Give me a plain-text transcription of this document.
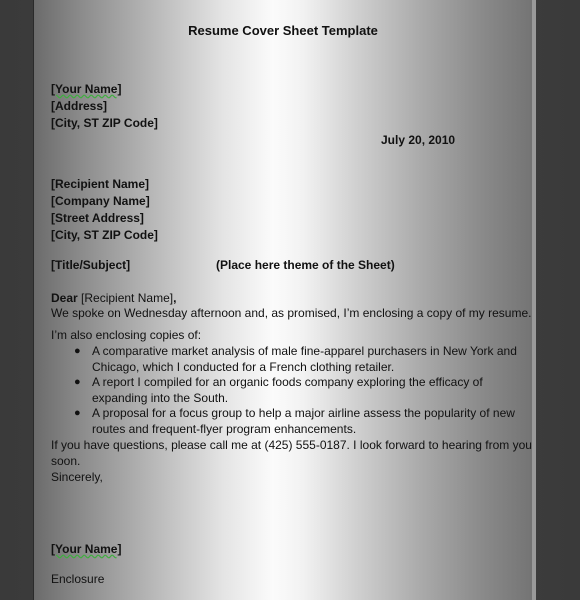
Resume Cover Sheet Template
[Your Name]
[Address]
[City, ST ZIP Code]
July 20, 2010
[Recipient Name]
[Company Name]
[Street Address]
[City, ST ZIP Code]
[Title/Subject]	(Place here theme of the Sheet)
Dear [Recipient Name],
We spoke on Wednesday afternoon and, as promised, I’m enclosing a copy of my resume.
I’m also enclosing copies of:
● A comparative market analysis of male fine-apparel purchasers in New York and
Chicago, which I conducted for a French clothing retailer.
● A report I compiled for an organic foods company exploring the efficacy of
expanding into the South.
● A proposal for a focus group to help a major airline assess the popularity of new
routes and frequent-flyer program enhancements.
If you have questions, please call me at (425) 555-0187. I look forward to hearing from you
soon.
Sincerely,
[Your Name]
Enclosure
